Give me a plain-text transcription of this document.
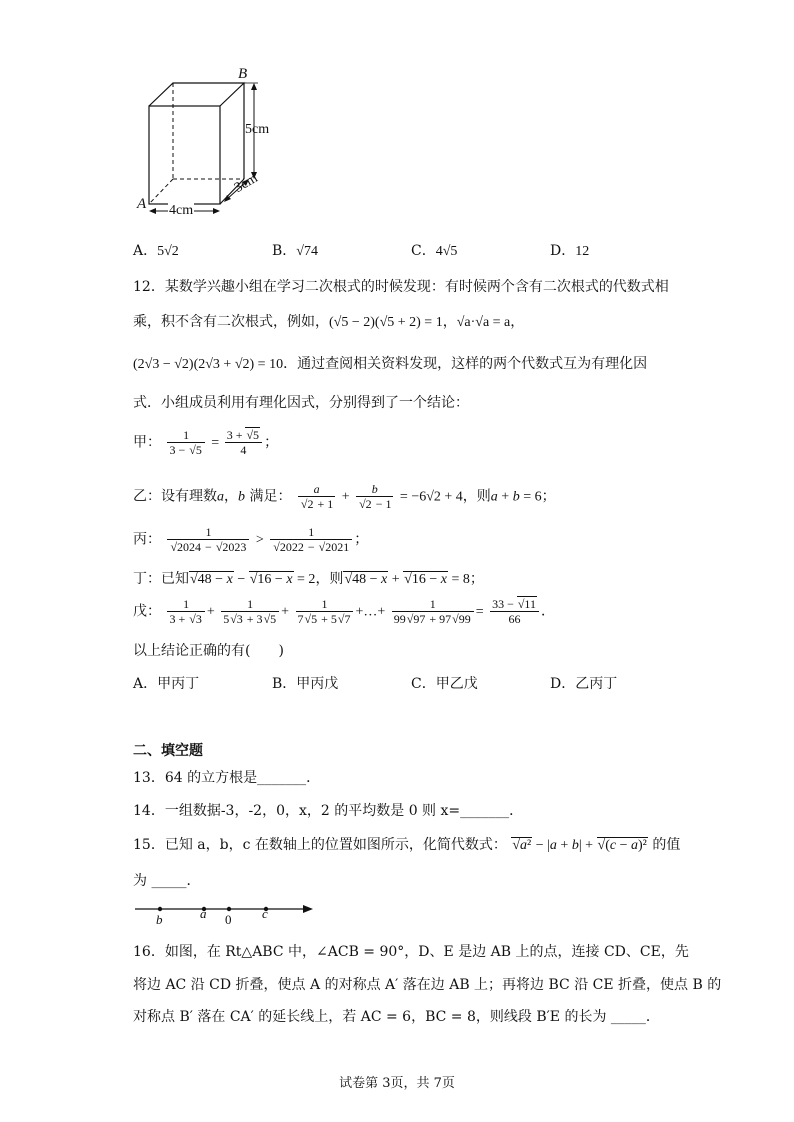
B
A
5cm
3cm
4cm
A．5√2	B．√74	C．4√5	D．12
12．某数学兴趣小组在学习二次根式的时候发现：有时候两个含有二次根式的代数式相
乘，积不含有二次根式，例如，(√5 − 2)(√5 + 2) = 1，√a·√a = a，
(2√3 − √2)(2√3 + √2) = 10．通过查阅相关资料发现，这样的两个代数式互为有理化因
式．小组成员利用有理化因式，分别得到了一个结论：
甲： $\frac{1}{3 - √5} = \frac{3 + √5}{4}$ ；
乙：设有理数a，b 满足： $\frac{a}{√2 + 1} + \frac{b}{√2 - 1} = -6√2 + 4$，则a + b = 6；
丙： $\frac{1}{√2024 - √2023} > \frac{1}{√2022 - √2021}$ ；
丁：已知√48 − x − √16 − x = 2，则√48 − x + √16 − x = 8；
戊： $\frac{1}{3 + √3} + \frac{1}{5√3 + 3√5} + \frac{1}{7√5 + 5√7}$ +…+ $\frac{1}{99√97 + 97√99} = \frac{33 - √11}{66}$ ．
以上结论正确的有(　　)
A．甲丙丁	B．甲丙戊	C．甲乙戊	D．乙丙丁
二、填空题
13．64 的立方根是_______．
14．一组数据-3，-2，0，x，2 的平均数是 0 则 x=_______．
15．已知 a，b，c 在数轴上的位置如图所示，化简代数式： √a² − |a + b| + √(c − a)² 的值
为 _____．
b	a 0 c
16．如图，在 Rt△ABC 中，∠ACB = 90°，D、E 是边 AB 上的点，连接 CD、CE，先
将边 AC 沿 CD 折叠，使点 A 的对称点 A′ 落在边 AB 上；再将边 BC 沿 CE 折叠，使点 B 的
对称点 B′ 落在 CA′ 的延长线上，若 AC = 6，BC = 8，则线段 B′E 的长为 _____．
试卷第 3页，共 7页
